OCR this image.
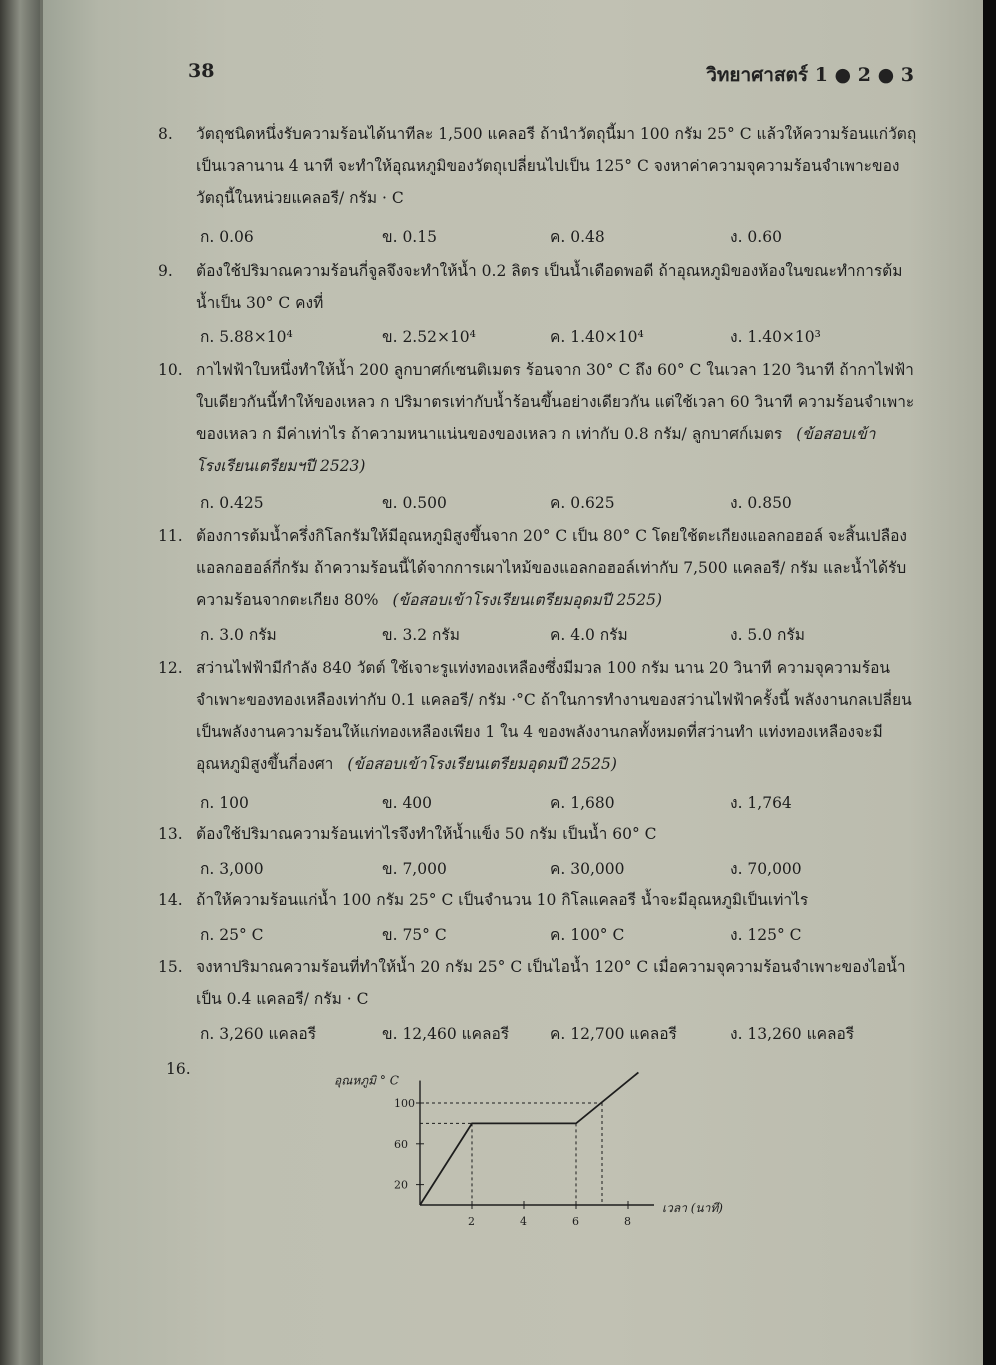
38	วิทยาศาสตร์ 1 ● 2 ● 3
8.	วัตถุชนิดหนึ่งรับความร้อนได้นาทีละ 1,500 แคลอรี ถ้านำวัตถุนี้มา 100 กรัม 25° C แล้วให้ความร้อนแก่วัตถุเป็นเวลานาน 4 นาที จะทำให้อุณหภูมิของวัตถุเปลี่ยนไปเป็น 125° C จงหาค่าความจุความร้อนจำเพาะของวัตถุนี้ในหน่วยแคลอรี/ กรัม · C
ก. 0.06	ข. 0.15	ค. 0.48	ง. 0.60
9.	ต้องใช้ปริมาณความร้อนกี่จูลจึงจะทำให้น้ำ 0.2 ลิตร เป็นน้ำเดือดพอดี ถ้าอุณหภูมิของห้องในขณะทำการต้มน้ำเป็น 30° C คงที่
ก. 5.88×10⁴	ข. 2.52×10⁴	ค. 1.40×10⁴	ง. 1.40×10³
10. กาไฟฟ้าใบหนึ่งทำให้น้ำ 200 ลูกบาศก์เซนติเมตร ร้อนจาก 30° C ถึง 60° C ในเวลา 120 วินาที ถ้ากาไฟฟ้าใบเดียวกันนี้ทำให้ของเหลว ก ปริมาตรเท่ากับน้ำร้อนขึ้นอย่างเดียวกัน แต่ใช้เวลา 60 วินาที ความร้อนจำเพาะของเหลว ก มีค่าเท่าไร ถ้าความหนาแน่นของของเหลว ก เท่ากับ 0.8 กรัม/ ลูกบาศก์เมตร (ข้อสอบเข้าโรงเรียนเตรียมฯปี 2523)
ก. 0.425	ข. 0.500	ค. 0.625	ง. 0.850
11. ต้องการต้มน้ำครึ่งกิโลกรัมให้มีอุณหภูมิสูงขึ้นจาก 20° C เป็น 80° C โดยใช้ตะเกียงแอลกอฮอล์ จะสิ้นเปลืองแอลกอฮอล์กี่กรัม ถ้าความร้อนนี้ได้จากการเผาไหม้ของแอลกอฮอล์เท่ากับ 7,500 แคลอรี/ กรัม และน้ำได้รับความร้อนจากตะเกียง 80% (ข้อสอบเข้าโรงเรียนเตรียมอุดมปี 2525)
ก. 3.0 กรัม	ข. 3.2 กรัม	ค. 4.0 กรัม	ง. 5.0 กรัม
12. สว่านไฟฟ้ามีกำลัง 840 วัตต์ ใช้เจาะรูแท่งทองเหลืองซึ่งมีมวล 100 กรัม นาน 20 วินาที ความจุความร้อนจำเพาะของทองเหลืองเท่ากับ 0.1 แคลอรี/ กรัม ·°C ถ้าในการทำงานของสว่านไฟฟ้าครั้งนี้ พลังงานกลเปลี่ยนเป็นพลังงานความร้อนให้แก่ทองเหลืองเพียง 1 ใน 4 ของพลังงานกลทั้งหมดที่สว่านทำ แท่งทองเหลืองจะมีอุณหภูมิสูงขึ้นกี่องศา (ข้อสอบเข้าโรงเรียนเตรียมอุดมปี 2525)
ก. 100	ข. 400	ค. 1,680	ง. 1,764
13. ต้องใช้ปริมาณความร้อนเท่าไรจึงทำให้น้ำแข็ง 50 กรัม เป็นน้ำ 60° C
ก. 3,000	ข. 7,000	ค. 30,000	ง. 70,000
14. ถ้าให้ความร้อนแก่น้ำ 100 กรัม 25° C เป็นจำนวน 10 กิโลแคลอรี น้ำจะมีอุณหภูมิเป็นเท่าไร
ก. 25° C	ข. 75° C	ค. 100° C	ง. 125° C
15. จงหาปริมาณความร้อนที่ทำให้น้ำ 20 กรัม 25° C เป็นไอน้ำ 120° C เมื่อความจุความร้อนจำเพาะของไอน้ำเป็น 0.4 แคลอรี/ กรัม · C
ก. 3,260 แคลอรี	ข. 12,460 แคลอรี	ค. 12,700 แคลอรี	ง. 13,260 แคลอรี
16.
อุณหภูมิ ° C
เวลา (นาที)
20
60
100
2	4	6	8
